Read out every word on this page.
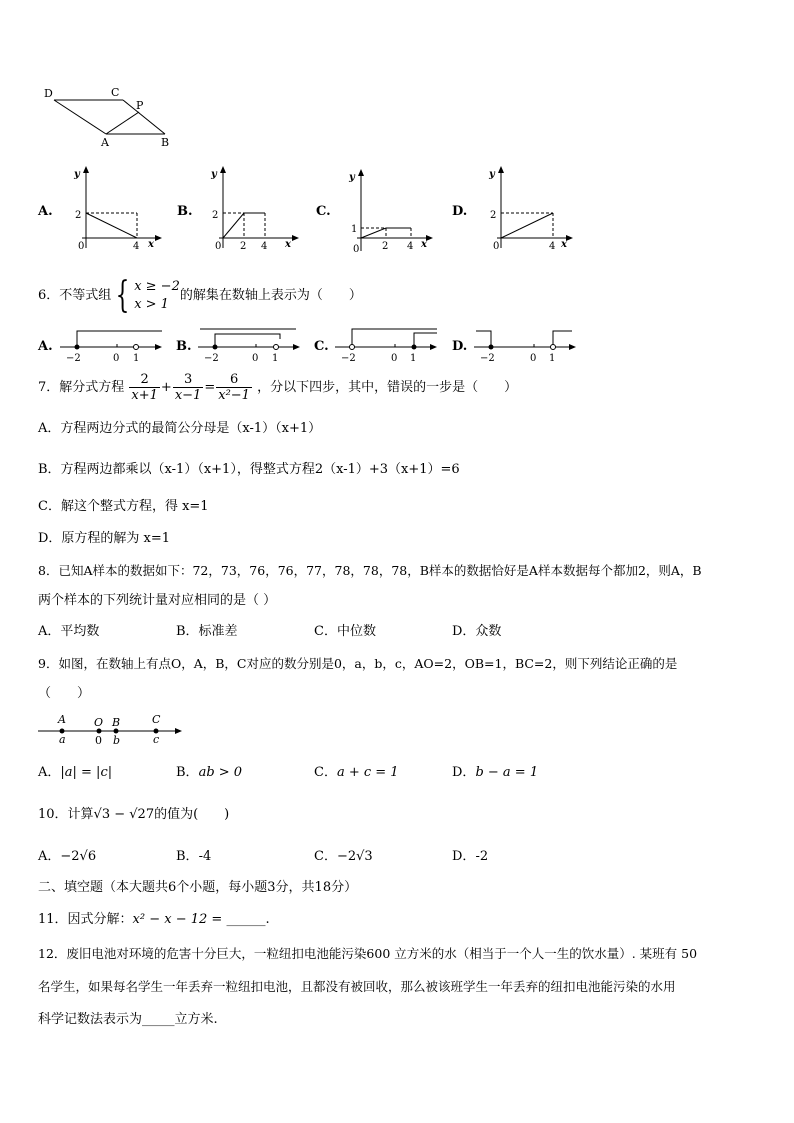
D	C
P
A	B
A.
y
2
4
0	x
B.
y
2
2 4
0	x
C.
y
1
2 4
0	x
D.
y
2
4
0	x
6．不等式组 { x ≥ −2
x > 1
的解集在数轴上表示为（　　）
A.
−2	0 1
B.
−2	0 1
C.
−2	0 1
D.
−2	0 1
7．解分式方程 $\frac{2}{x+1} + \frac{3}{x-1} = \frac{6}{\text{x²−1}}$ ，分以下四步，其中，错误的一步是（　　）
A．方程两边分式的最简公分母是（x-1）（x+1）
B．方程两边都乘以（x-1）（x+1），得整式方程2（x-1）+3（x+1）=6
C．解这个整式方程，得 x=1
D．原方程的解为 x=1
8．已知A样本的数据如下：72，73，76，76，77，78，78，78，B样本的数据恰好是A样本数据每个都加2，则A，B
两个样本的下列统计量对应相同的是（ ）
A．平均数	B．标准差	C．中位数	D．众数
9．如图，在数轴上有点O，A，B，C对应的数分别是0，a，b，c，AO=2，OB=1，BC=2，则下列结论正确的是
（　　）
A	O B	C
a	0 b	c
A．|a| = |c|	B．ab > 0	C．a + c = 1	D．b − a = 1
10．计算√3 − √27的值为(　　)
A．−2√6	B．-4	C．−2√3	D．-2
二、填空题（本大题共6个小题，每小题3分，共18分）
11．因式分解：x² − x − 12 = ______.
12．废旧电池对环境的危害十分巨大，一粒纽扣电池能污染600 立方米的水（相当于一个人一生的饮水量）. 某班有 50
名学生，如果每名学生一年丢弃一粒纽扣电池，且都没有被回收，那么被该班学生一年丢弃的纽扣电池能污染的水用
科学记数法表示为_____立方米.
